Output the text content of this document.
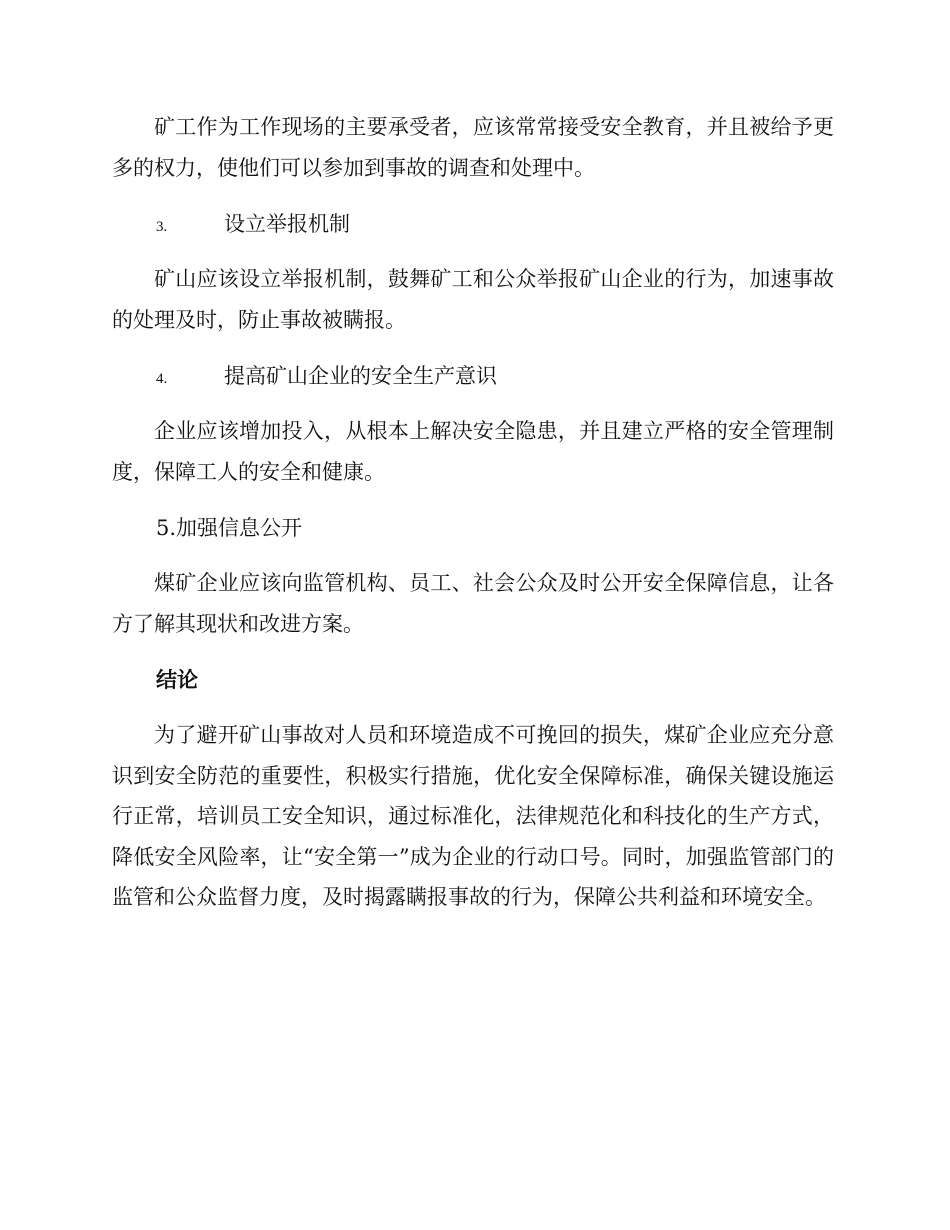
矿工作为工作现场的主要承受者，应该常常接受安全教育，并且被给予更多的权力，使他们可以参加到事故的调查和处理中。

3.	设立举报机制

矿山应该设立举报机制，鼓舞矿工和公众举报矿山企业的行为，加速事故的处理及时，防止事故被瞒报。

4.	提高矿山企业的安全生产意识

企业应该增加投入，从根本上解决安全隐患，并且建立严格的安全管理制度，保障工人的安全和健康。

5.加强信息公开

煤矿企业应该向监管机构、员工、社会公众及时公开安全保障信息，让各方了解其现状和改进方案。

结论

为了避开矿山事故对人员和环境造成不可挽回的损失，煤矿企业应充分意识到安全防范的重要性，积极实行措施，优化安全保障标准，确保关键设施运行正常，培训员工安全知识，通过标准化，法律规范化和科技化的生产方式，降低安全风险率，让“安全第一”成为企业的行动口号。同时，加强监管部门的监管和公众监督力度，及时揭露瞒报事故的行为，保障公共利益和环境安全。
